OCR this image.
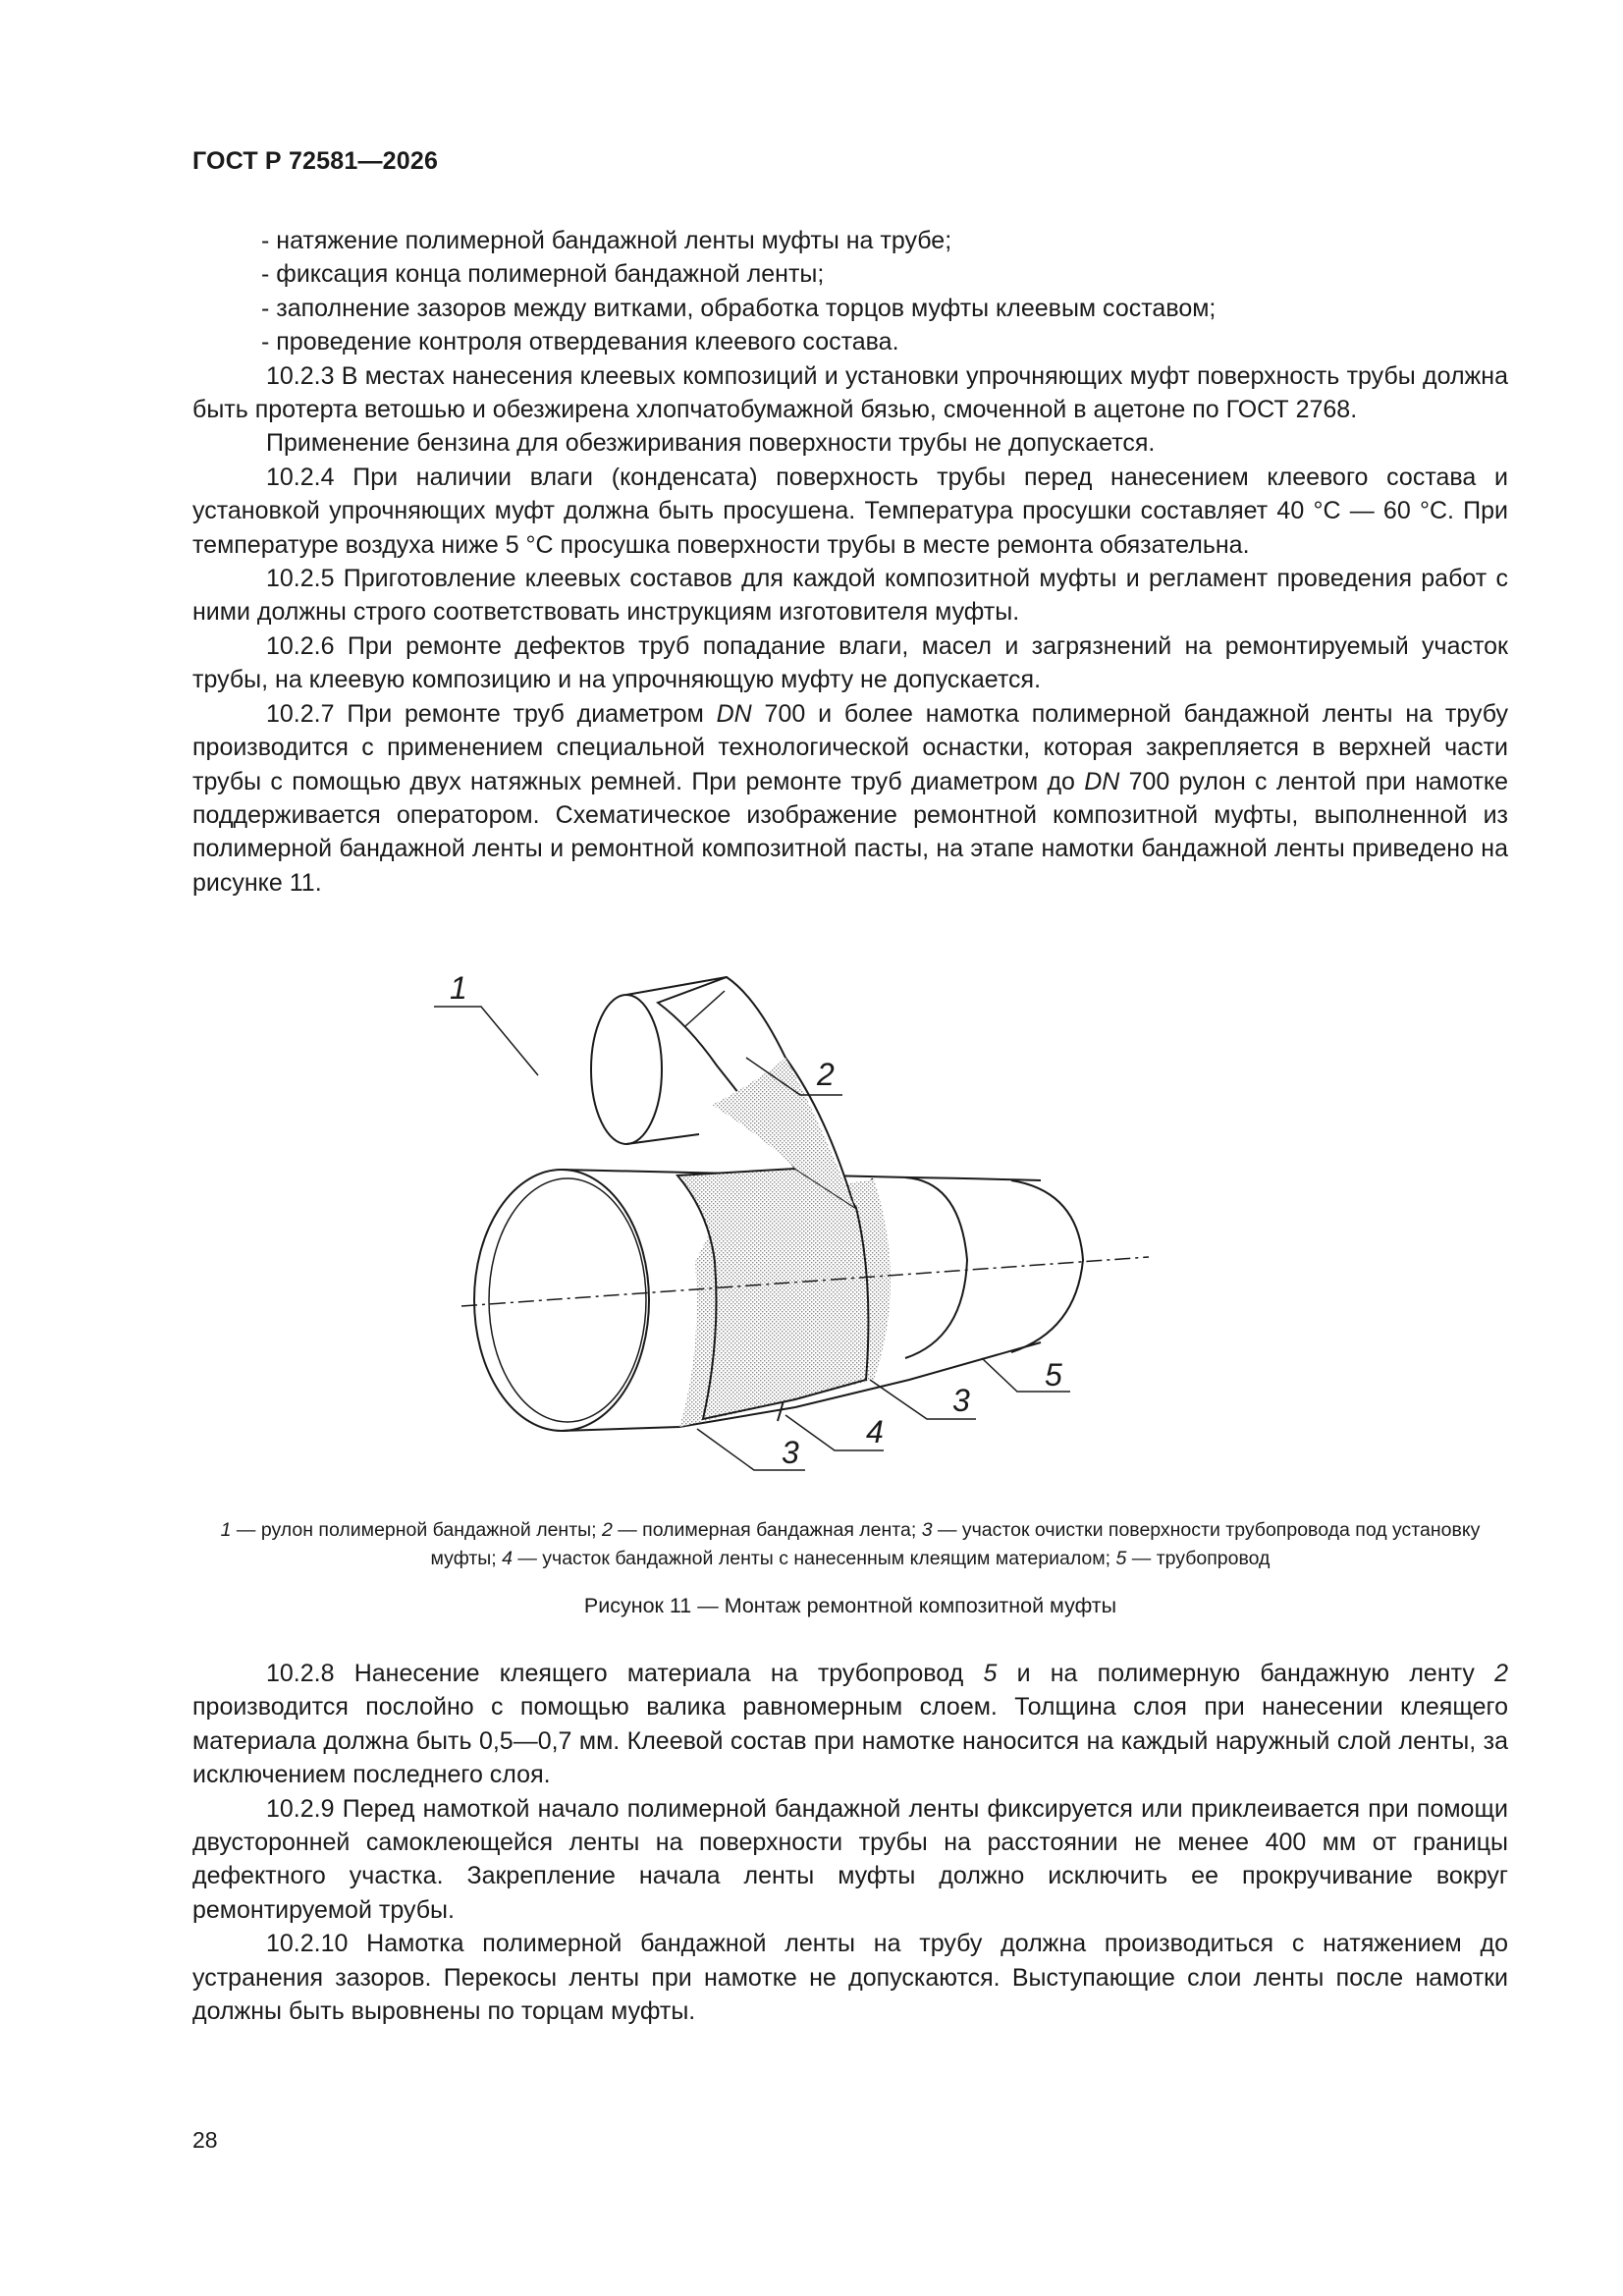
ГОСТ Р 72581—2026

- натяжение полимерной бандажной ленты муфты на трубе;

- фиксация конца полимерной бандажной ленты;

- заполнение зазоров между витками, обработка торцов муфты клеевым составом;

- проведение контроля отвердевания клеевого состава.

10.2.3 В местах нанесения клеевых композиций и установки упрочняющих муфт поверхность трубы должна быть протерта ветошью и обезжирена хлопчатобумажной бязью, смоченной в ацетоне по ГОСТ 2768.

Применение бензина для обезжиривания поверхности трубы не допускается.

10.2.4 При наличии влаги (конденсата) поверхность трубы перед нанесением клеевого состава и установкой упрочняющих муфт должна быть просушена. Температура просушки составляет 40 °С — 60 °С. При температуре воздуха ниже 5 °С просушка поверхности трубы в месте ремонта обязательна.

10.2.5 Приготовление клеевых составов для каждой композитной муфты и регламент проведения работ с ними должны строго соответствовать инструкциям изготовителя муфты.

10.2.6 При ремонте дефектов труб попадание влаги, масел и загрязнений на ремонтируемый участок трубы, на клеевую композицию и на упрочняющую муфту не допускается.

10.2.7 При ремонте труб диаметром DN 700 и более намотка полимерной бандажной ленты на трубу производится с применением специальной технологической оснастки, которая закрепляется в верхней части трубы с помощью двух натяжных ремней. При ремонте труб диаметром до DN 700 рулон с лентой при намотке поддерживается оператором. Схематическое изображение ремонтной композитной муфты, выполненной из полимерной бандажной ленты и ремонтной композитной пасты, на этапе намотки бандажной ленты приведено на рисунке 11.

1
2
3
4
3
5
1 — рулон полимерной бандажной ленты; 2 — полимерная бандажная лента; 3 — участок очистки поверхности трубопровода под установку муфты; 4 — участок бандажной ленты с нанесенным клеящим материалом; 5 — трубопровод
Рисунок 11 — Монтаж ремонтной композитной муфты

10.2.8 Нанесение клеящего материала на трубопровод 5 и на полимерную бандажную ленту 2 производится послойно с помощью валика равномерным слоем. Толщина слоя при нанесении клеящего материала должна быть 0,5—0,7 мм. Клеевой состав при намотке наносится на каждый наружный слой ленты, за исключением последнего слоя.

10.2.9 Перед намоткой начало полимерной бандажной ленты фиксируется или приклеивается при помощи двусторонней самоклеющейся ленты на поверхности трубы на расстоянии не менее 400 мм от границы дефектного участка. Закрепление начала ленты муфты должно исключить ее прокручивание вокруг ремонтируемой трубы.

10.2.10 Намотка полимерной бандажной ленты на трубу должна производиться с натяжением до устранения зазоров. Перекосы ленты при намотке не допускаются. Выступающие слои ленты после намотки должны быть выровнены по торцам муфты.

28
